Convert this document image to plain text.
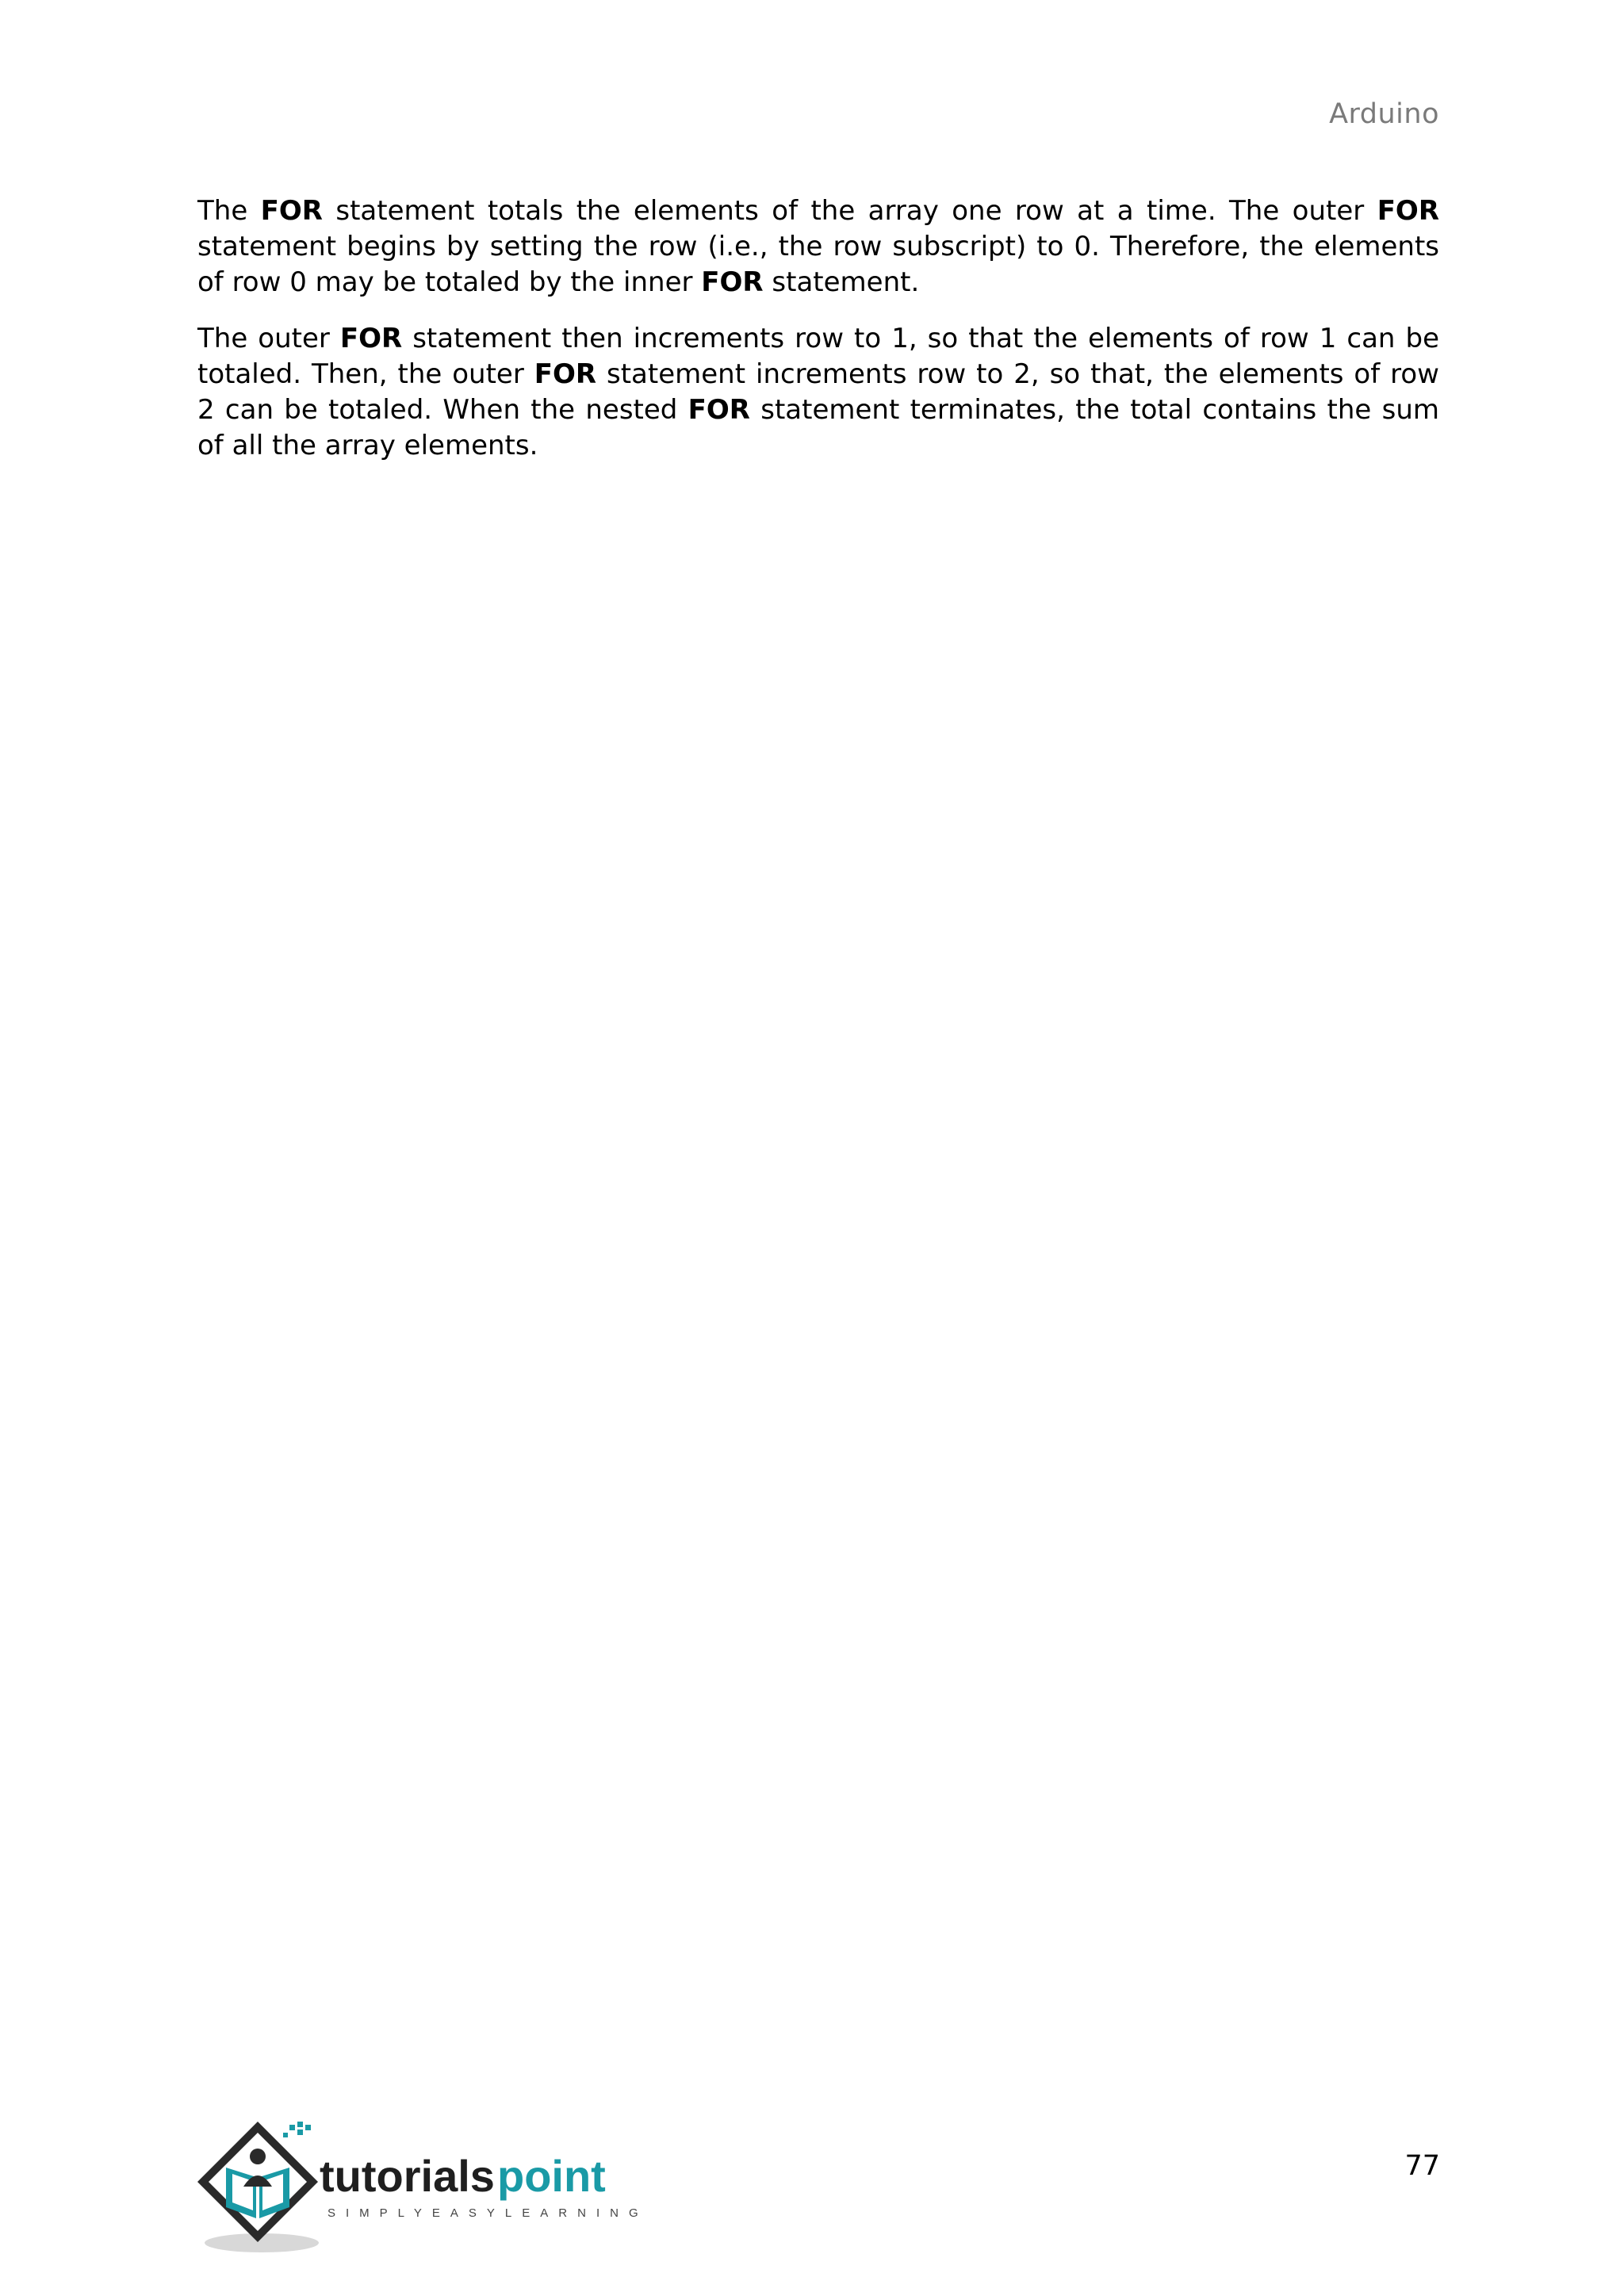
Arduino

The FOR statement totals the elements of the array one row at a time. The outer FOR statement begins by setting the row (i.e., the row subscript) to 0. Therefore, the elements of row 0 may be totaled by the inner FOR statement.

The outer FOR statement then increments row to 1, so that the elements of row 1 can be totaled. Then, the outer FOR statement increments row to 2, so that, the elements of row 2 can be totaled. When the nested FOR statement terminates, the total contains the sum of all the array elements.

tutorials point
SIMPLYEASYLEARNING
77
